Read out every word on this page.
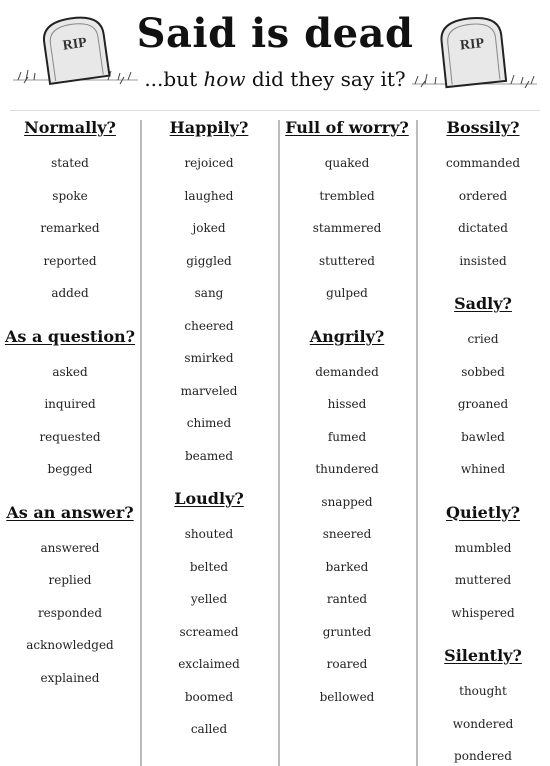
RIP	RIP
Said is dead
...but how did they say it?
Normally?
stated
spoke
remarked
reported
added
As a question?
asked
inquired
requested
begged
As an answer?
answered
replied
responded
acknowledged
explained
Happily?
rejoiced
laughed
joked
giggled
sang
cheered
smirked
marveled
chimed
beamed
Loudly?
shouted
belted
yelled
screamed
exclaimed
boomed
called
Full of worry?
quaked
trembled
stammered
stuttered
gulped
Angrily?
demanded
hissed
fumed
thundered
snapped
sneered
barked
ranted
grunted
roared
bellowed
Bossily?
commanded
ordered
dictated
insisted
Sadly?
cried
sobbed
groaned
bawled
whined
Quietly?
mumbled
muttered
whispered
Silently?
thought
wondered
pondered
